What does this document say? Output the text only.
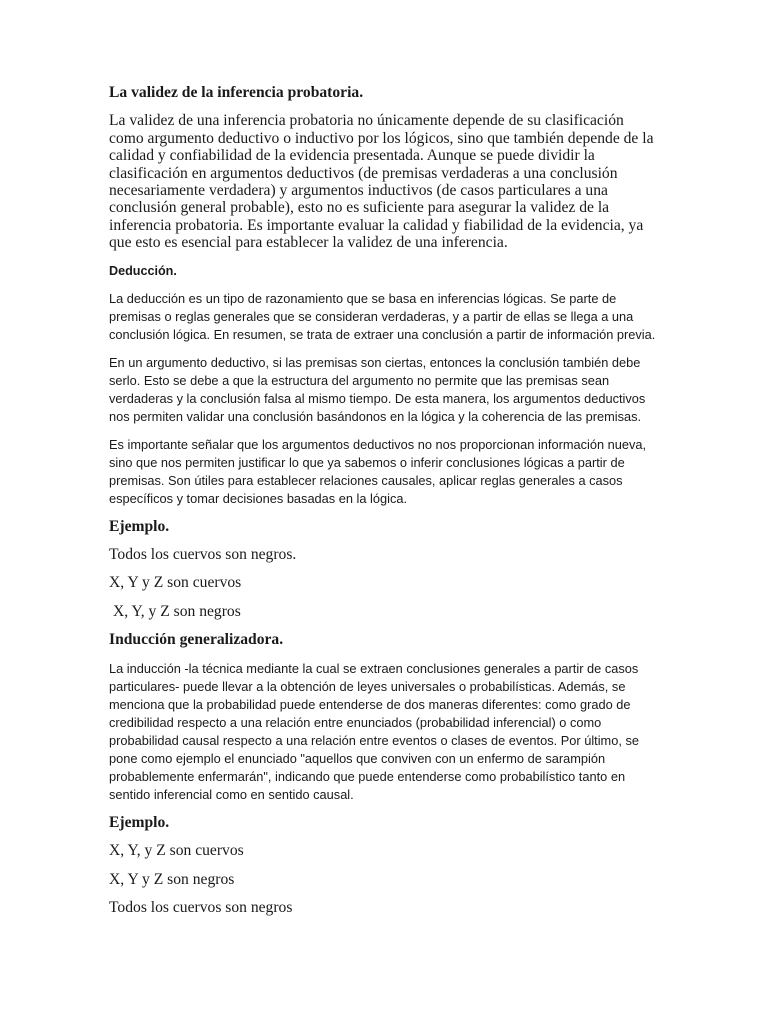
La validez de la inferencia probatoria.

La validez de una inferencia probatoria no únicamente depende de su clasificación como argumento deductivo o inductivo por los lógicos, sino que también depende de la calidad y confiabilidad de la evidencia presentada. Aunque se puede dividir la clasificación en argumentos deductivos (de premisas verdaderas a una conclusión necesariamente verdadera) y argumentos inductivos (de casos particulares a una conclusión general probable), esto no es suficiente para asegurar la validez de la inferencia probatoria. Es importante evaluar la calidad y fiabilidad de la evidencia, ya que esto es esencial para establecer la validez de una inferencia.

Deducción.

La deducción es un tipo de razonamiento que se basa en inferencias lógicas. Se parte de premisas o reglas generales que se consideran verdaderas, y a partir de ellas se llega a una conclusión lógica. En resumen, se trata de extraer una conclusión a partir de información previa.

En un argumento deductivo, si las premisas son ciertas, entonces la conclusión también debe serlo. Esto se debe a que la estructura del argumento no permite que las premisas sean verdaderas y la conclusión falsa al mismo tiempo. De esta manera, los argumentos deductivos nos permiten validar una conclusión basándonos en la lógica y la coherencia de las premisas.

Es importante señalar que los argumentos deductivos no nos proporcionan información nueva, sino que nos permiten justificar lo que ya sabemos o inferir conclusiones lógicas a partir de premisas. Son útiles para establecer relaciones causales, aplicar reglas generales a casos específicos y tomar decisiones basadas en la lógica.

Ejemplo.

Todos los cuervos son negros.

X, Y y Z son cuervos

X, Y, y Z son negros

Inducción generalizadora.

La inducción -la técnica mediante la cual se extraen conclusiones generales a partir de casos particulares- puede llevar a la obtención de leyes universales o probabilísticas. Además, se menciona que la probabilidad puede entenderse de dos maneras diferentes: como grado de credibilidad respecto a una relación entre enunciados (probabilidad inferencial) o como probabilidad causal respecto a una relación entre eventos o clases de eventos. Por último, se pone como ejemplo el enunciado "aquellos que conviven con un enfermo de sarampión probablemente enfermarán", indicando que puede entenderse como probabilístico tanto en sentido inferencial como en sentido causal.

Ejemplo.

X, Y, y Z son cuervos

X, Y y Z son negros

Todos los cuervos son negros
